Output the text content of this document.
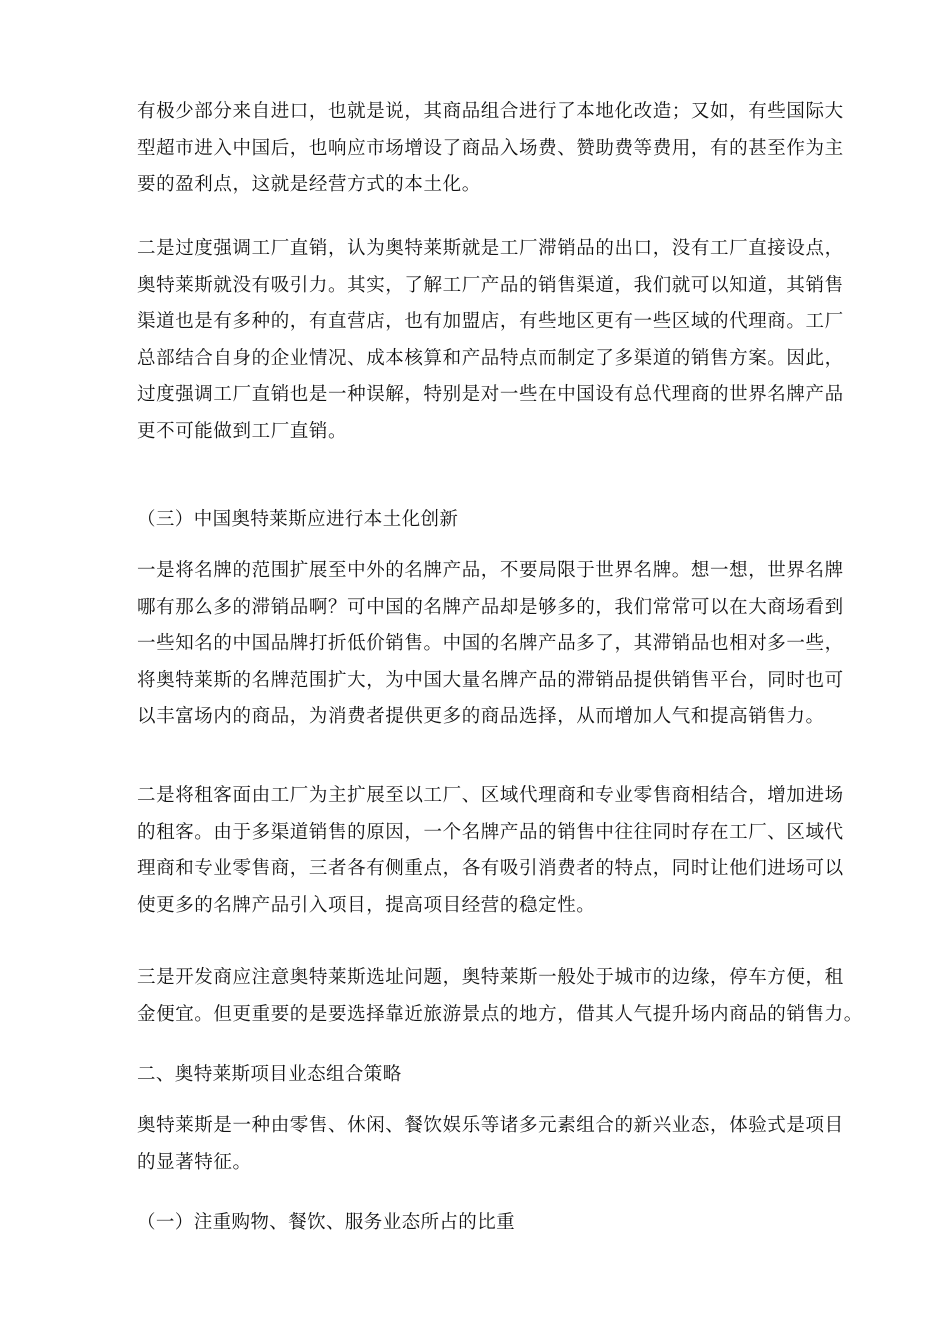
有极少部分来自进口，也就是说，其商品组合进行了本地化改造；又如，有些国际大
型超市进入中国后，也响应市场增设了商品入场费、赞助费等费用，有的甚至作为主
要的盈利点，这就是经营方式的本土化。
二是过度强调工厂直销，认为奥特莱斯就是工厂滞销品的出口，没有工厂直接设点，
奥特莱斯就没有吸引力。其实，了解工厂产品的销售渠道，我们就可以知道，其销售
渠道也是有多种的，有直营店，也有加盟店，有些地区更有一些区域的代理商。工厂
总部结合自身的企业情况、成本核算和产品特点而制定了多渠道的销售方案。因此，
过度强调工厂直销也是一种误解，特别是对一些在中国设有总代理商的世界名牌产品
更不可能做到工厂直销。
（三）中国奥特莱斯应进行本土化创新
一是将名牌的范围扩展至中外的名牌产品，不要局限于世界名牌。想一想，世界名牌
哪有那么多的滞销品啊？可中国的名牌产品却是够多的，我们常常可以在大商场看到
一些知名的中国品牌打折低价销售。中国的名牌产品多了，其滞销品也相对多一些，
将奥特莱斯的名牌范围扩大，为中国大量名牌产品的滞销品提供销售平台，同时也可
以丰富场内的商品，为消费者提供更多的商品选择，从而增加人气和提高销售力。
二是将租客面由工厂为主扩展至以工厂、区域代理商和专业零售商相结合，增加进场
的租客。由于多渠道销售的原因，一个名牌产品的销售中往往同时存在工厂、区域代
理商和专业零售商，三者各有侧重点，各有吸引消费者的特点，同时让他们进场可以
使更多的名牌产品引入项目，提高项目经营的稳定性。
三是开发商应注意奥特莱斯选址问题，奥特莱斯一般处于城市的边缘，停车方便，租
金便宜。但更重要的是要选择靠近旅游景点的地方，借其人气提升场内商品的销售力。
二、奥特莱斯项目业态组合策略
奥特莱斯是一种由零售、休闲、餐饮娱乐等诸多元素组合的新兴业态，体验式是项目
的显著特征。
（一）注重购物、餐饮、服务业态所占的比重
